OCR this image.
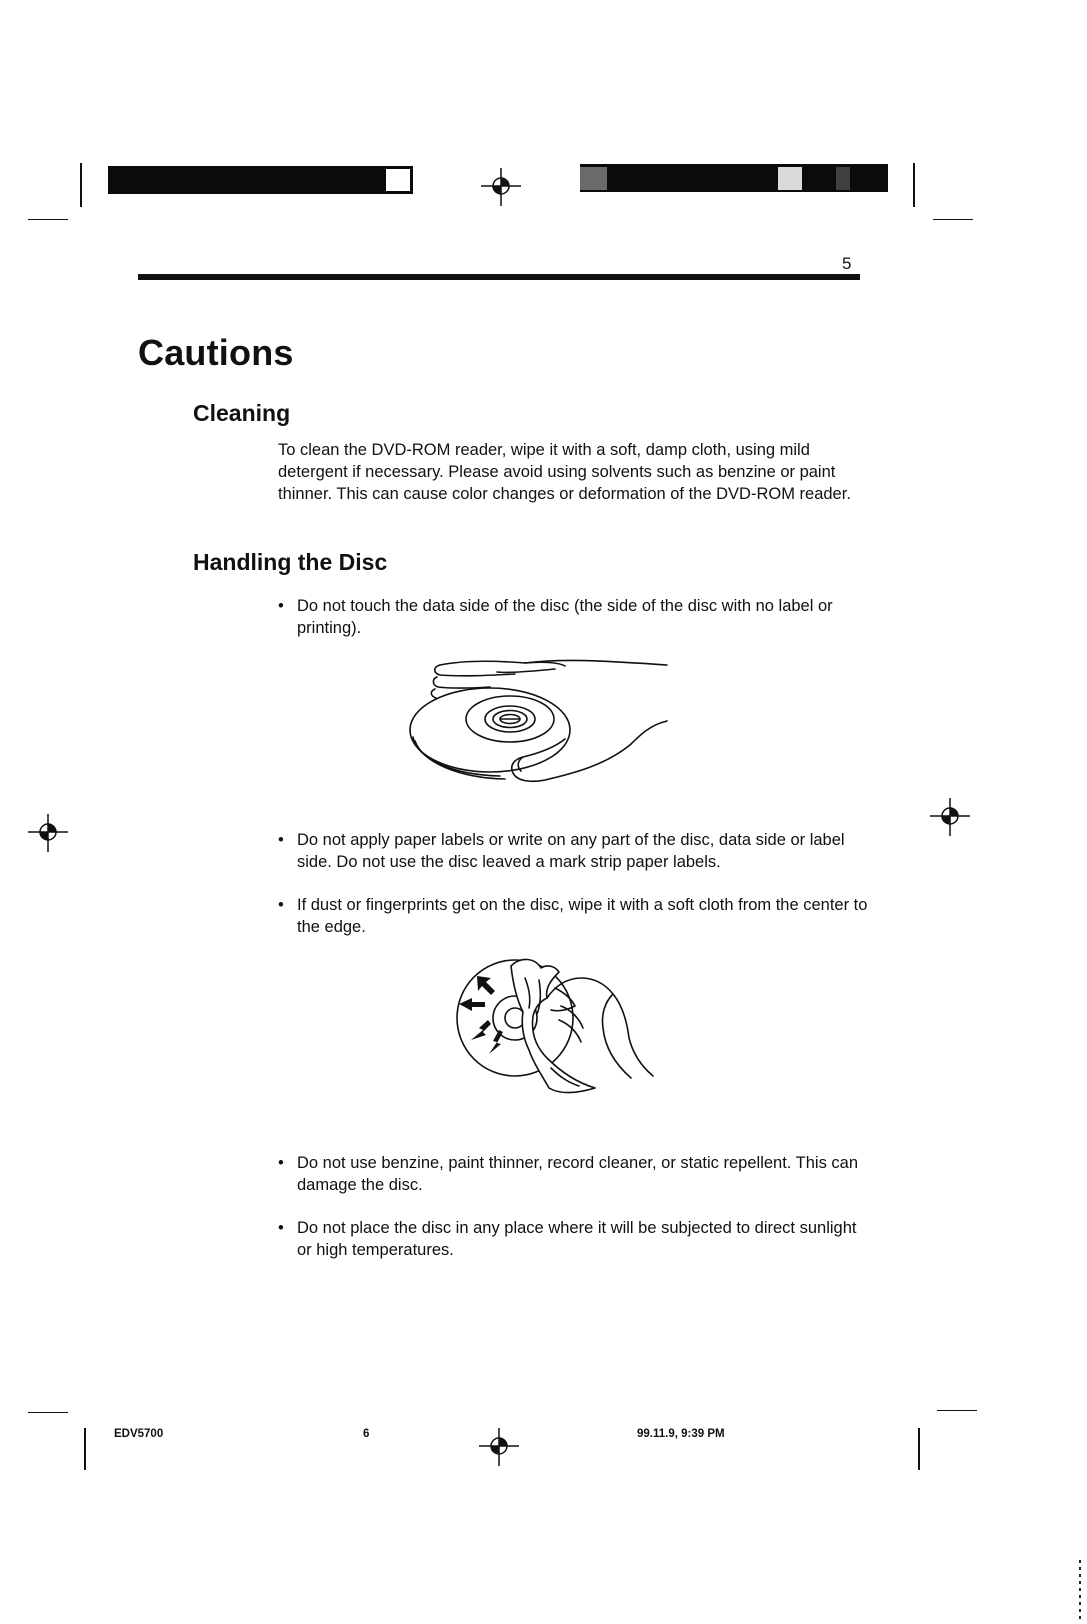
5
Cautions
Cleaning

To clean the DVD-ROM reader, wipe it with a soft, damp cloth, using mild detergent if necessary. Please avoid using solvents such as benzine or paint thinner. This can cause color changes or deformation of the DVD-ROM reader.

Handling the Disc

• Do not touch the data side of the disc (the side of the disc with no label or printing).

• Do not apply paper labels or write on any part of the disc, data side or label side. Do not use the disc leaved a mark strip paper labels.

• If dust or fingerprints get on the disc, wipe it with a soft cloth from the center to the edge.

• Do not use benzine, paint thinner, record cleaner, or static repellent. This can damage the disc.

• Do not place the disc in any place where it will be subjected to direct sunlight or high temperatures.

EDV5700	6	99.11.9, 9:39 PM
